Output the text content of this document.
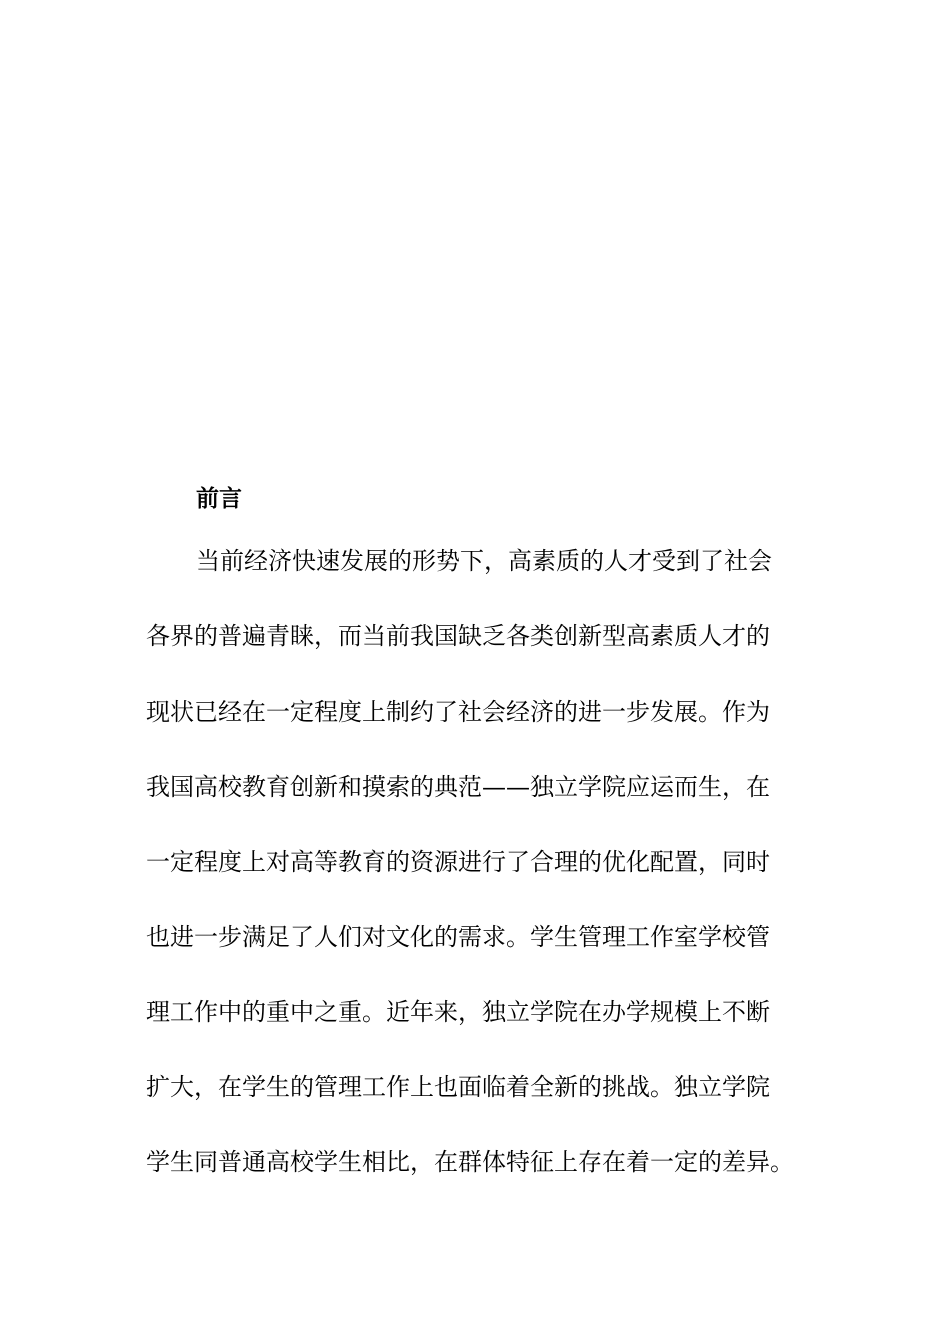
前言
当前经济快速发展的形势下，高素质的人才受到了社会
各界的普遍青睐，而当前我国缺乏各类创新型高素质人才的
现状已经在一定程度上制约了社会经济的进一步发展。作为
我国高校教育创新和摸索的典范——独立学院应运而生，在
一定程度上对高等教育的资源进行了合理的优化配置，同时
也进一步满足了人们对文化的需求。学生管理工作室学校管
理工作中的重中之重。近年来，独立学院在办学规模上不断
扩大，在学生的管理工作上也面临着全新的挑战。独立学院
学生同普通高校学生相比，在群体特征上存在着一定的差异。
